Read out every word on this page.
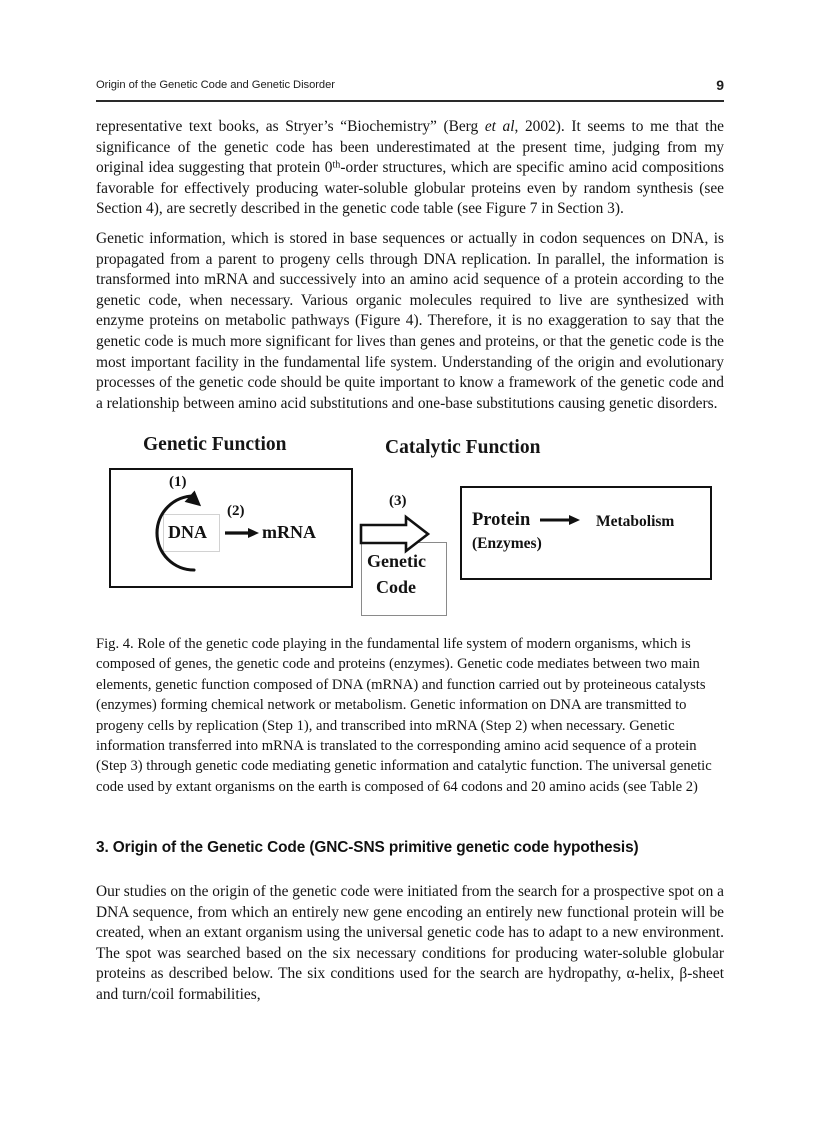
Origin of the Genetic Code and Genetic Disorder	9

representative text books, as Stryer’s “Biochemistry” (Berg et al, 2002). It seems to me that the significance of the genetic code has been underestimated at the present time, judging from my original idea suggesting that protein 0th-order structures, which are specific amino acid compositions favorable for effectively producing water-soluble globular proteins even by random synthesis (see Section 4), are secretly described in the genetic code table (see Figure 7 in Section 3).

Genetic information, which is stored in base sequences or actually in codon sequences on DNA, is propagated from a parent to progeny cells through DNA replication. In parallel, the information is transformed into mRNA and successively into an amino acid sequence of a protein according to the genetic code, when necessary. Various organic molecules required to live are synthesized with enzyme proteins on metabolic pathways (Figure 4). Therefore, it is no exaggeration to say that the genetic code is much more significant for lives than genes and proteins, or that the genetic code is the most important facility in the fundamental life system. Understanding of the origin and evolutionary processes of the genetic code should be quite important to know a framework of the genetic code and a relationship between amino acid substitutions and one-base substitutions causing genetic disorders.

Genetic Function	Catalytic Function
(1)
(2)
(3)
DNA	mRNA
Genetic
Code
Protein
(Enzymes)
Metabolism

Fig. 4. Role of the genetic code playing in the fundamental life system of modern organisms, which is composed of genes, the genetic code and proteins (enzymes). Genetic code mediates between two main elements, genetic function composed of DNA (mRNA) and function carried out by proteineous catalysts (enzymes) forming chemical network or metabolism. Genetic information on DNA are transmitted to progeny cells by replication (Step 1), and transcribed into mRNA (Step 2) when necessary. Genetic information transferred into mRNA is translated to the corresponding amino acid sequence of a protein (Step 3) through genetic code mediating genetic information and catalytic function. The universal genetic code used by extant organisms on the earth is composed of 64 codons and 20 amino acids (see Table 2)

3. Origin of the Genetic Code (GNC-SNS primitive genetic code hypothesis)

Our studies on the origin of the genetic code were initiated from the search for a prospective spot on a DNA sequence, from which an entirely new gene encoding an entirely new functional protein will be created, when an extant organism using the universal genetic code has to adapt to a new environment. The spot was searched based on the six necessary conditions for producing water-soluble globular proteins as described below. The six conditions used for the search are hydropathy, α-helix, β-sheet and turn/coil formabilities,
